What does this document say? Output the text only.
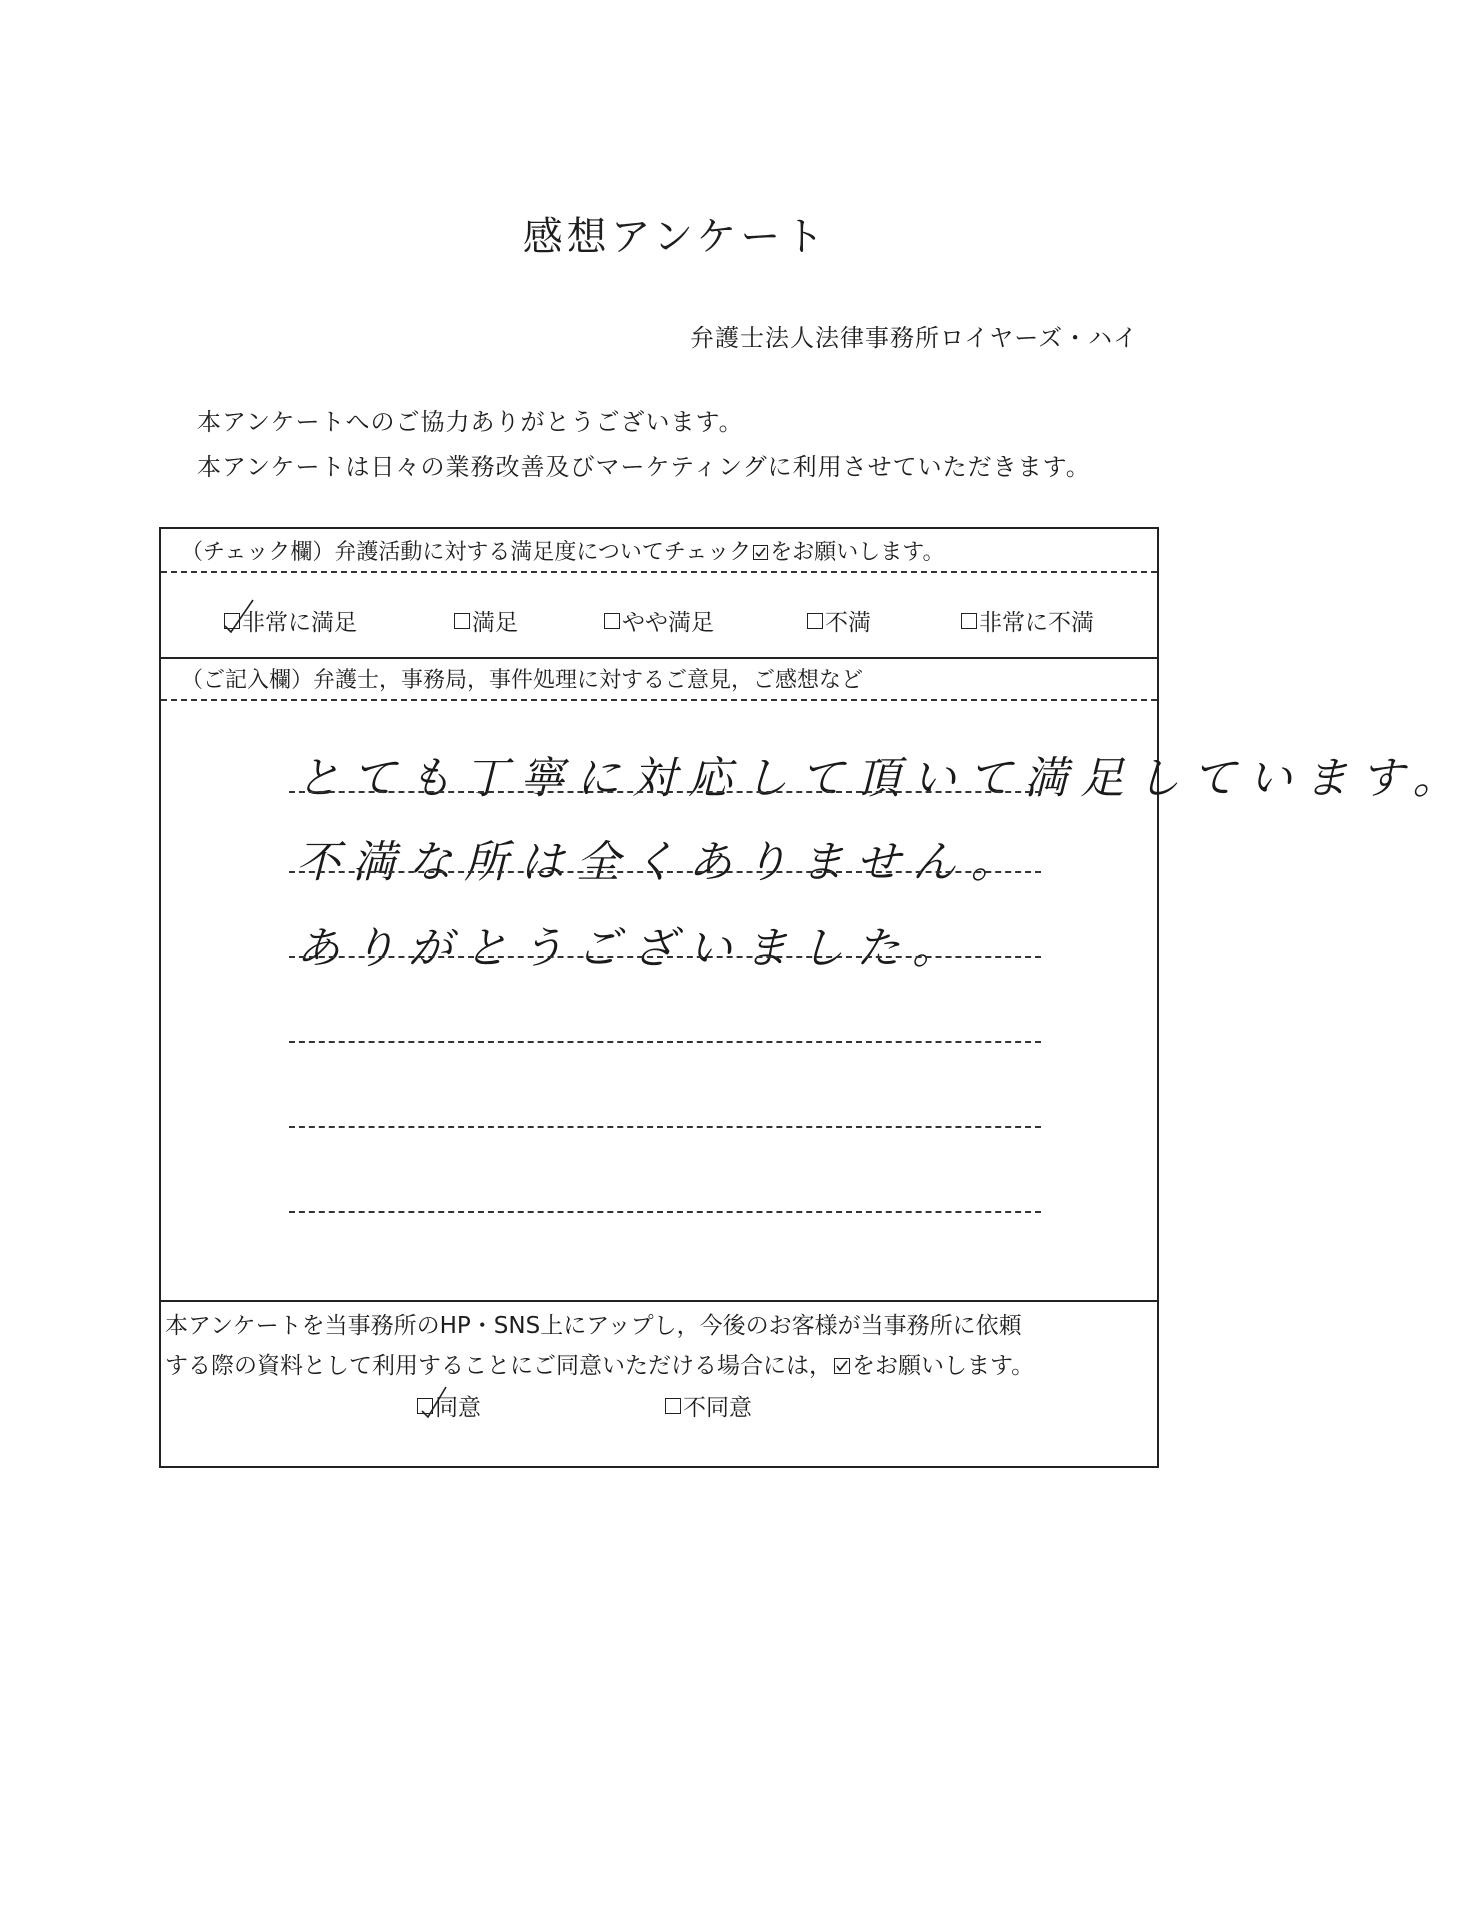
感想アンケート
弁護士法人法律事務所ロイヤーズ・ハイ
本アンケートへのご協力ありがとうございます。
本アンケートは日々の業務改善及びマーケティングに利用させていただきます。
（チェック欄）弁護活動に対する満足度についてチェック をお願いします。
非常に満足	満足	やや満足	不満	非常に不満
（ご記入欄）弁護士，事務局，事件処理に対するご意見，ご感想など
とても丁寧に対応して頂いて満足しています。
不満な所は全くありません。
ありがとうございました。
本アンケートを当事務所のHP・SNS上にアップし，今後のお客様が当事務所に依頼
する際の資料として利用することにご同意いただける場合には， をお願いします。
同意	不同意
